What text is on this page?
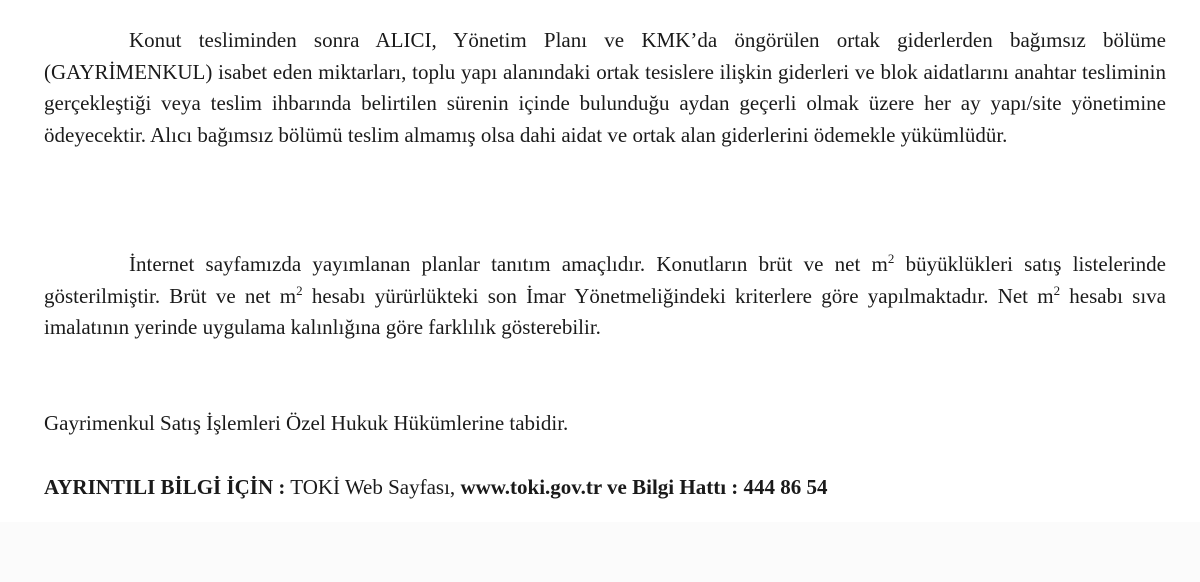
Konut tesliminden sonra ALICI, Yönetim Planı ve KMK’da öngörülen ortak giderlerden bağımsız bölüme (GAYRİMENKUL) isabet eden miktarları, toplu yapı alanındaki ortak tesislere ilişkin giderleri ve blok aidatlarını anahtar tesliminin gerçekleştiği veya teslim ihbarında belirtilen sürenin içinde bulunduğu aydan geçerli olmak üzere her ay yapı/site yönetimine ödeyecektir. Alıcı bağımsız bölümü teslim almamış olsa dahi aidat ve ortak alan giderlerini ödemekle yükümlüdür.

İnternet sayfamızda yayımlanan planlar tanıtım amaçlıdır. Konutların brüt ve net $m^2$ büyüklükleri satış listelerinde gösterilmiştir. Brüt ve net $m^2$ hesabı yürürlükteki son İmar Yönetmeliğindeki kriterlere göre yapılmaktadır. Net $m^2$ hesabı sıva imalatının yerinde uygulama kalınlığına göre farklılık gösterebilir.

Gayrimenkul Satış İşlemleri Özel Hukuk Hükümlerine tabidir.

AYRINTILI BİLGİ İÇİN : TOKİ Web Sayfası, www.toki.gov.tr ve Bilgi Hattı : 444 86 54
